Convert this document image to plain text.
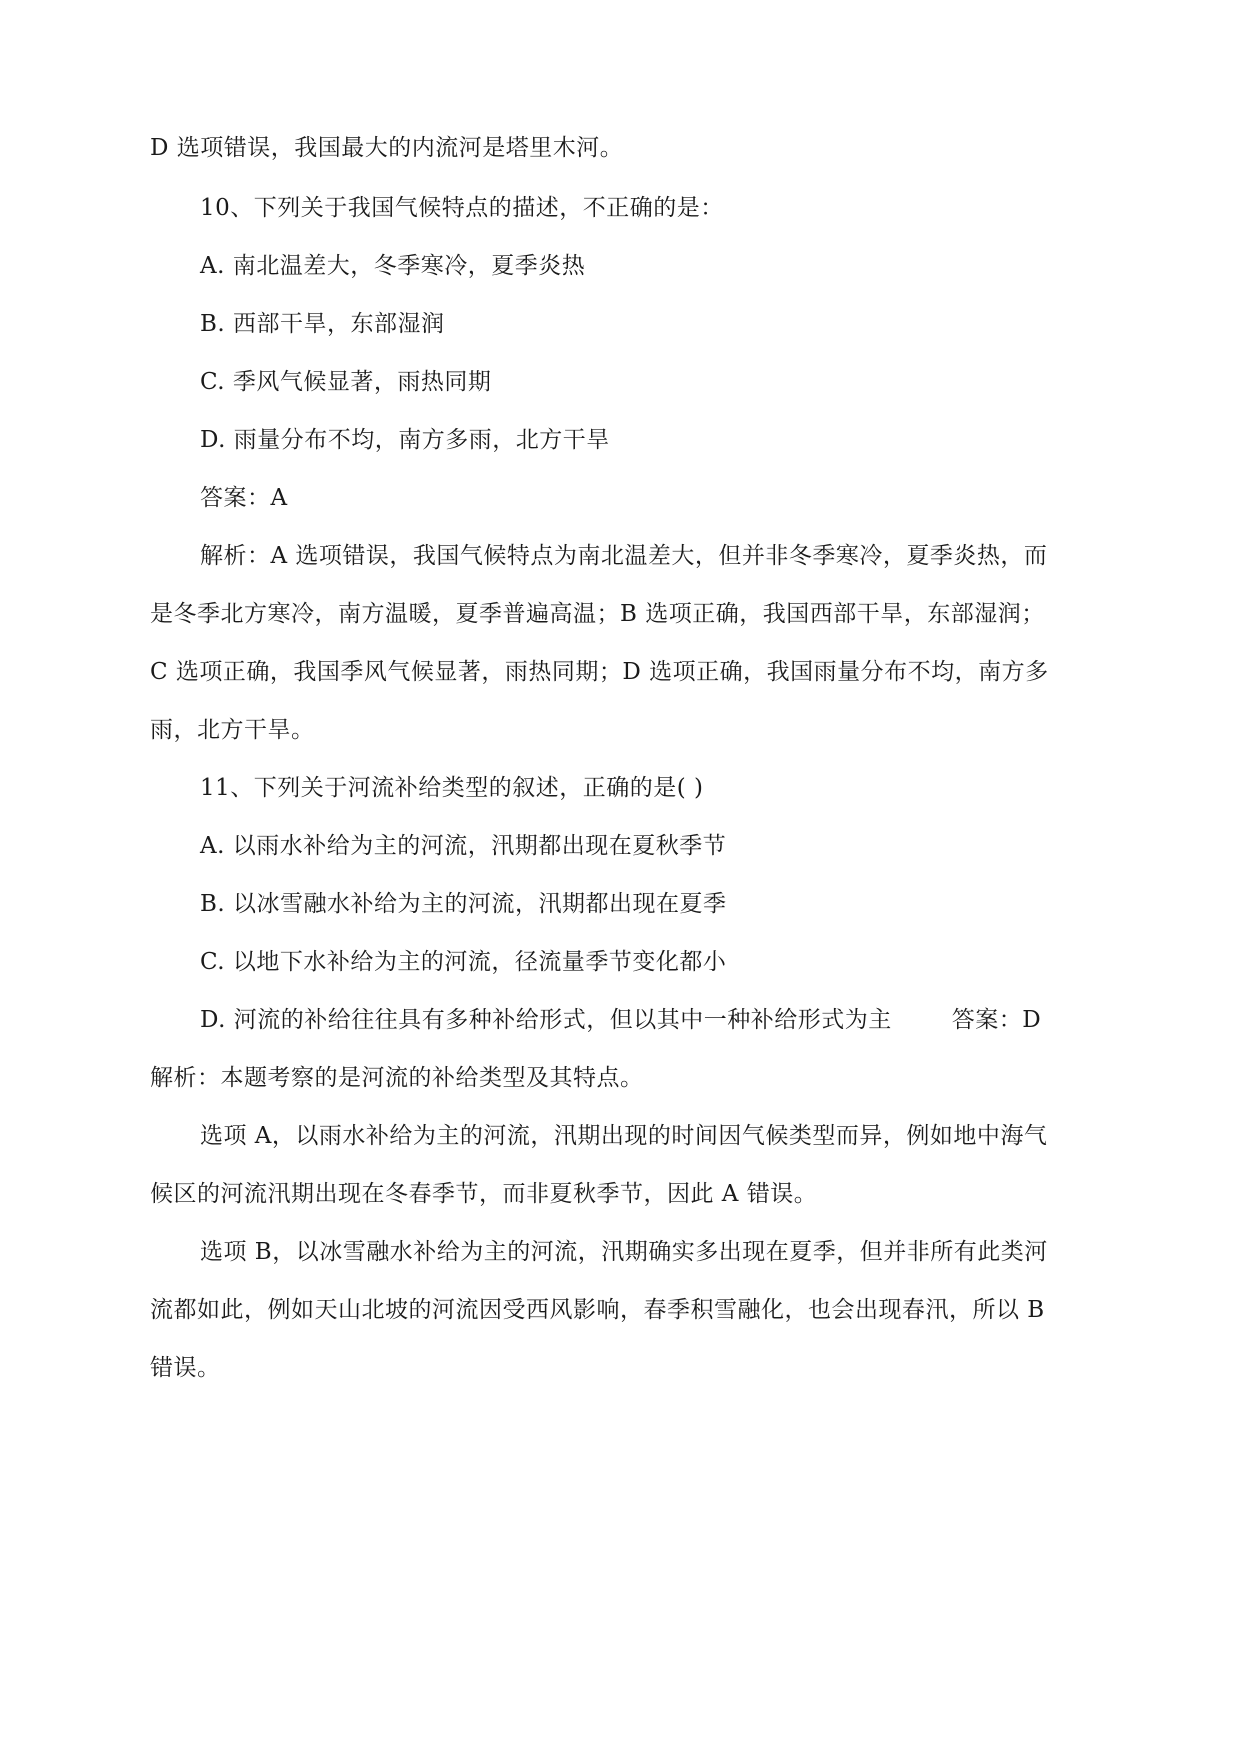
D 选项错误，我国最大的内流河是塔里木河。
10、下列关于我国气候特点的描述，不正确的是：
A. 南北温差大，冬季寒冷，夏季炎热
B. 西部干旱，东部湿润
C. 季风气候显著，雨热同期
D. 雨量分布不均，南方多雨，北方干旱
答案：A
解析：A 选项错误，我国气候特点为南北温差大，但并非冬季寒冷，夏季炎热，而
是冬季北方寒冷，南方温暖，夏季普遍高温；B 选项正确，我国西部干旱，东部湿润；
C 选项正确，我国季风气候显著，雨热同期；D 选项正确，我国雨量分布不均，南方多
雨，北方干旱。
11、下列关于河流补给类型的叙述，正确的是( )
A. 以雨水补给为主的河流，汛期都出现在夏秋季节
B. 以冰雪融水补给为主的河流，汛期都出现在夏季
C. 以地下水补给为主的河流，径流量季节变化都小
D. 河流的补给往往具有多种补给形式，但以其中一种补给形式为主	答案：D
解析：本题考察的是河流的补给类型及其特点。
选项 A，以雨水补给为主的河流，汛期出现的时间因气候类型而异，例如地中海气
候区的河流汛期出现在冬春季节，而非夏秋季节，因此 A 错误。
选项 B，以冰雪融水补给为主的河流，汛期确实多出现在夏季，但并非所有此类河
流都如此，例如天山北坡的河流因受西风影响，春季积雪融化，也会出现春汛，所以 B
错误。
